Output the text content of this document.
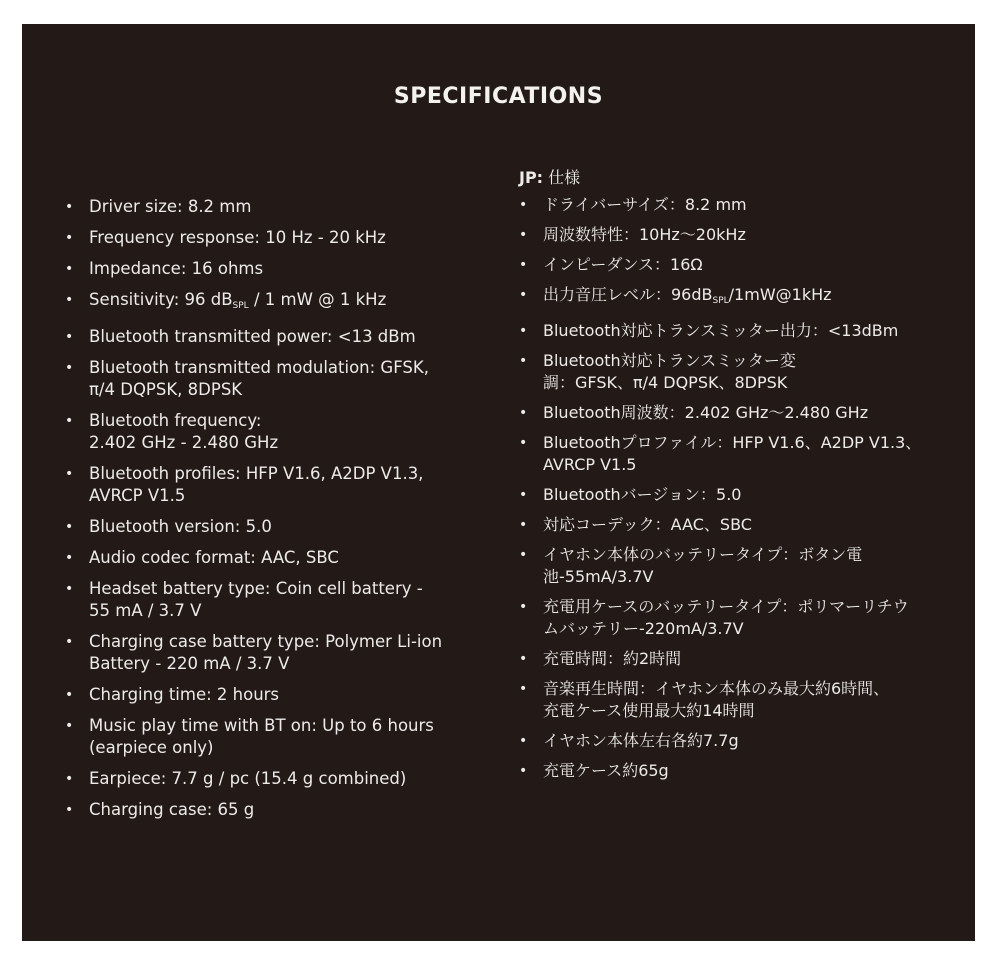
SPECIFICATIONS
• Driver size: 8.2 mm
• Frequency response: 10 Hz - 20 kHz
• Impedance: 16 ohms
• Sensitivity: 96 $dB_{SPL} / 1$ mW @ 1 kHz
• Bluetooth transmitted power: <13 dBm
• Bluetooth transmitted modulation: GFSK,
π/4 DQPSK, 8DPSK
• Bluetooth frequency:
2.402 GHz - 2.480 GHz
• Bluetooth profiles: HFP V1.6, A2DP V1.3,
AVRCP V1.5
• Bluetooth version: 5.0
• Audio codec format: AAC, SBC
• Headset battery type: Coin cell battery -
55 mA / 3.7 V
• Charging case battery type: Polymer Li-ion
Battery - 220 mA / 3.7 V
• Charging time: 2 hours
• Music play time with BT on: Up to 6 hours
(earpiece only)
• Earpiece: 7.7 g / pc (15.4 g combined)
• Charging case: 65 g
JP: 仕様
• ドライバーサイズ：8.2 mm
• 周波数特性：10Hz～20kHz
• インピーダンス：16Ω
• 出力音圧レベル：$96dB_{SPL}/1mW@1kHz$
• Bluetooth対応トランスミッター出力：<13dBm
• Bluetooth対応トランスミッター変
調：GFSK、π/4 DQPSK、8DPSK
• Bluetooth周波数：2.402 GHz～2.480 GHz
• Bluetoothプロファイル：HFP V1.6、A2DP V1.3、
AVRCP V1.5
• Bluetoothバージョン：5.0
• 対応コーデック：AAC、SBC
• イヤホン本体のバッテリータイプ：ボタン電
池-55mA/3.7V
• 充電用ケースのバッテリータイプ：ポリマーリチウ
ムバッテリー-220mA/3.7V
• 充電時間：約2時間
• 音楽再生時間：イヤホン本体のみ最大約6時間、
充電ケース使用最大約14時間
• イヤホン本体左右各約7.7g
• 充電ケース約65g
